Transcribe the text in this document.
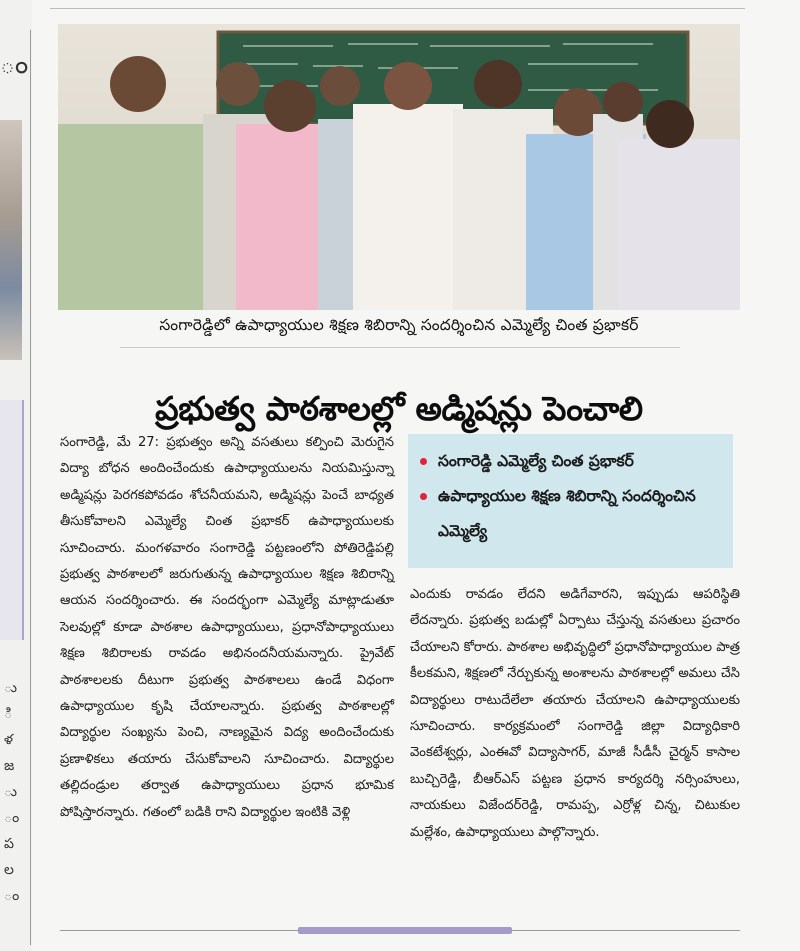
ం
ు
ి
ళ
జ
ు
ం
ప
ల
ం
సంగారెడ్డిలో ఉపాధ్యాయుల శిక్షణ శిబిరాన్ని సందర్శించిన ఎమ్మెల్యే చింత ప్రభాకర్
ప్రభుత్వ పాఠశాలల్లో అడ్మిషన్లు పెంచాలి

సంగారెడ్డి, మే 27: ప్రభుత్వం అన్ని వసతులు కల్పించి మెరుగైన విద్యా బోధన అందించేందుకు ఉపాధ్యాయులను నియమిస్తున్నా అడ్మిషన్లు పెరగకపోవడం శోచనీయమని, అడ్మిషన్లు పెంచే బాధ్యత తీసుకోవాలని ఎమ్మెల్యే చింత ప్రభాకర్ ఉపాధ్యాయులకు సూచించారు. మంగళవారం సంగారెడ్డి పట్టణంలోని పోతిరెడ్డిపల్లి ప్రభుత్వ పాఠశాలలో జరుగుతున్న ఉపాధ్యాయుల శిక్షణ శిబిరాన్ని ఆయన సందర్శించారు. ఈ సందర్భంగా ఎమ్మెల్యే మాట్లాడుతూ సెలవుల్లో కూడా పాఠశాల ఉపాధ్యాయులు, ప్రధానోపాధ్యాయులు శిక్షణ శిబిరాలకు రావడం అభినందనీయమన్నారు. ప్రైవేట్ పాఠశాలలకు దీటుగా ప్రభుత్వ పాఠశాలలు ఉండే విధంగా ఉపాధ్యాయుల కృషి చేయాలన్నారు. ప్రభుత్వ పాఠశాలల్లో విద్యార్థుల సంఖ్యను పెంచి, నాణ్యమైన విద్య అందించేందుకు ప్రణాళికలు తయారు చేసుకోవాలని సూచించారు. విద్యార్థుల తల్లిదండ్రుల తర్వాత ఉపాధ్యాయులు ప్రధాన భూమిక పోషిస్తారన్నారు. గతంలో బడికి రాని విద్యార్థుల ఇంటికి వెళ్లి

సంగారెడ్డి ఎమ్మెల్యే చింత ప్రభాకర్
ఉపాధ్యాయుల శిక్షణ శిబిరాన్ని సందర్శించిన ఎమ్మెల్యే

ఎందుకు రావడం లేదని అడిగేవారని, ఇప్పుడు ఆపరిస్థితి లేదన్నారు. ప్రభుత్వ బడుల్లో ఏర్పాటు చేస్తున్న వసతులు ప్రచారం చేయాలని కోరారు. పాఠశాల అభివృద్ధిలో ప్రధానోపాధ్యాయుల పాత్ర కీలకమని, శిక్షణలో నేర్చుకున్న అంశాలను పాఠశాలల్లో అమలు చేసి విద్యార్థులు రాటుదేలేలా తయారు చేయాలని ఉపాధ్యాయులకు సూచించారు. కార్యక్రమంలో సంగారెడ్డి జిల్లా విద్యాధికారి వెంకటేశ్వర్లు, ఎంఈవో విద్యాసాగర్, మాజీ సీడీసీ చైర్మన్ కాసాల బుచ్చిరెడ్డి, బీఆర్ఎస్ పట్టణ ప్రధాన కార్యదర్శి నర్సింహులు, నాయకులు విజేందర్‌రెడ్డి, రామప్ప, ఎర్రోళ్ల చిన్న, చిటుకుల మల్లేశం, ఉపాధ్యాయులు పాల్గొన్నారు.
